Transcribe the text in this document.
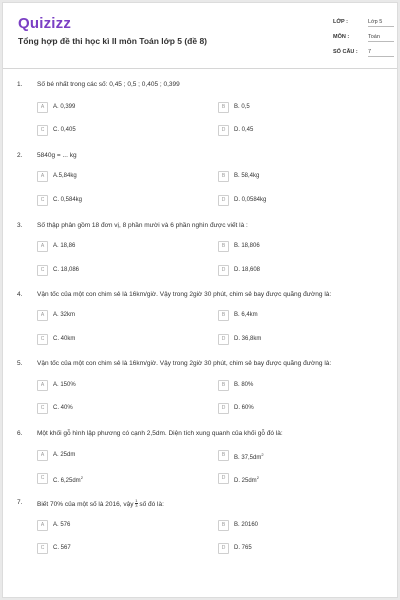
Quizizz
Tổng hợp đề thi học kì II môn Toán lớp 5 (đề 8)
LỚP :	Lớp 5
MÔN :	Toán
SỐ CÂU : 7
1. Số bé nhất trong các số: 0,45 ; 0,5 ; 0,405 ; 0,399
A	A. 0,399	B	B. 0,5
C	C. 0,405	D	D. 0,45
2. 5840g = ... kg
A	A.5,84kg	B	B. 58,4kg
C	C. 0,584kg	D	D. 0,0584kg
3. Số thập phân gồm 18 đơn vị, 8 phần mười và 6 phần nghìn được viết là :
A	A. 18,86	B	B. 18,806
C	C. 18,086	D	D. 18,608
4. Vận tốc của một con chim sẻ là 16km/giờ. Vậy trong 2giờ 30 phút, chim sẻ bay được quãng đường là:
A	A. 32km	B	B. 6,4km
C	C. 40km	D	D. 36,8km
5. Vận tốc của một con chim sẻ là 16km/giờ. Vậy trong 2giờ 30 phút, chim sẻ bay được quãng đường là:
A	A. 150%	B	B. 80%
C	C. 40%	D	D. 60%
6. Một khối gỗ hình lập phương có cạnh 2,5dm. Diện tích xung quanh của khối gỗ đó là:
A	A. 25dm	B	B. $37,5dm^2$
C	C. $6,25dm^2$	D	D. $25dm^2$
7. Biết 70% của một số là 2016, vậy $\frac{1}{3}$ số đó là:
A	A. 576	B	B. 20160
C	C. 567	D	D. 765
